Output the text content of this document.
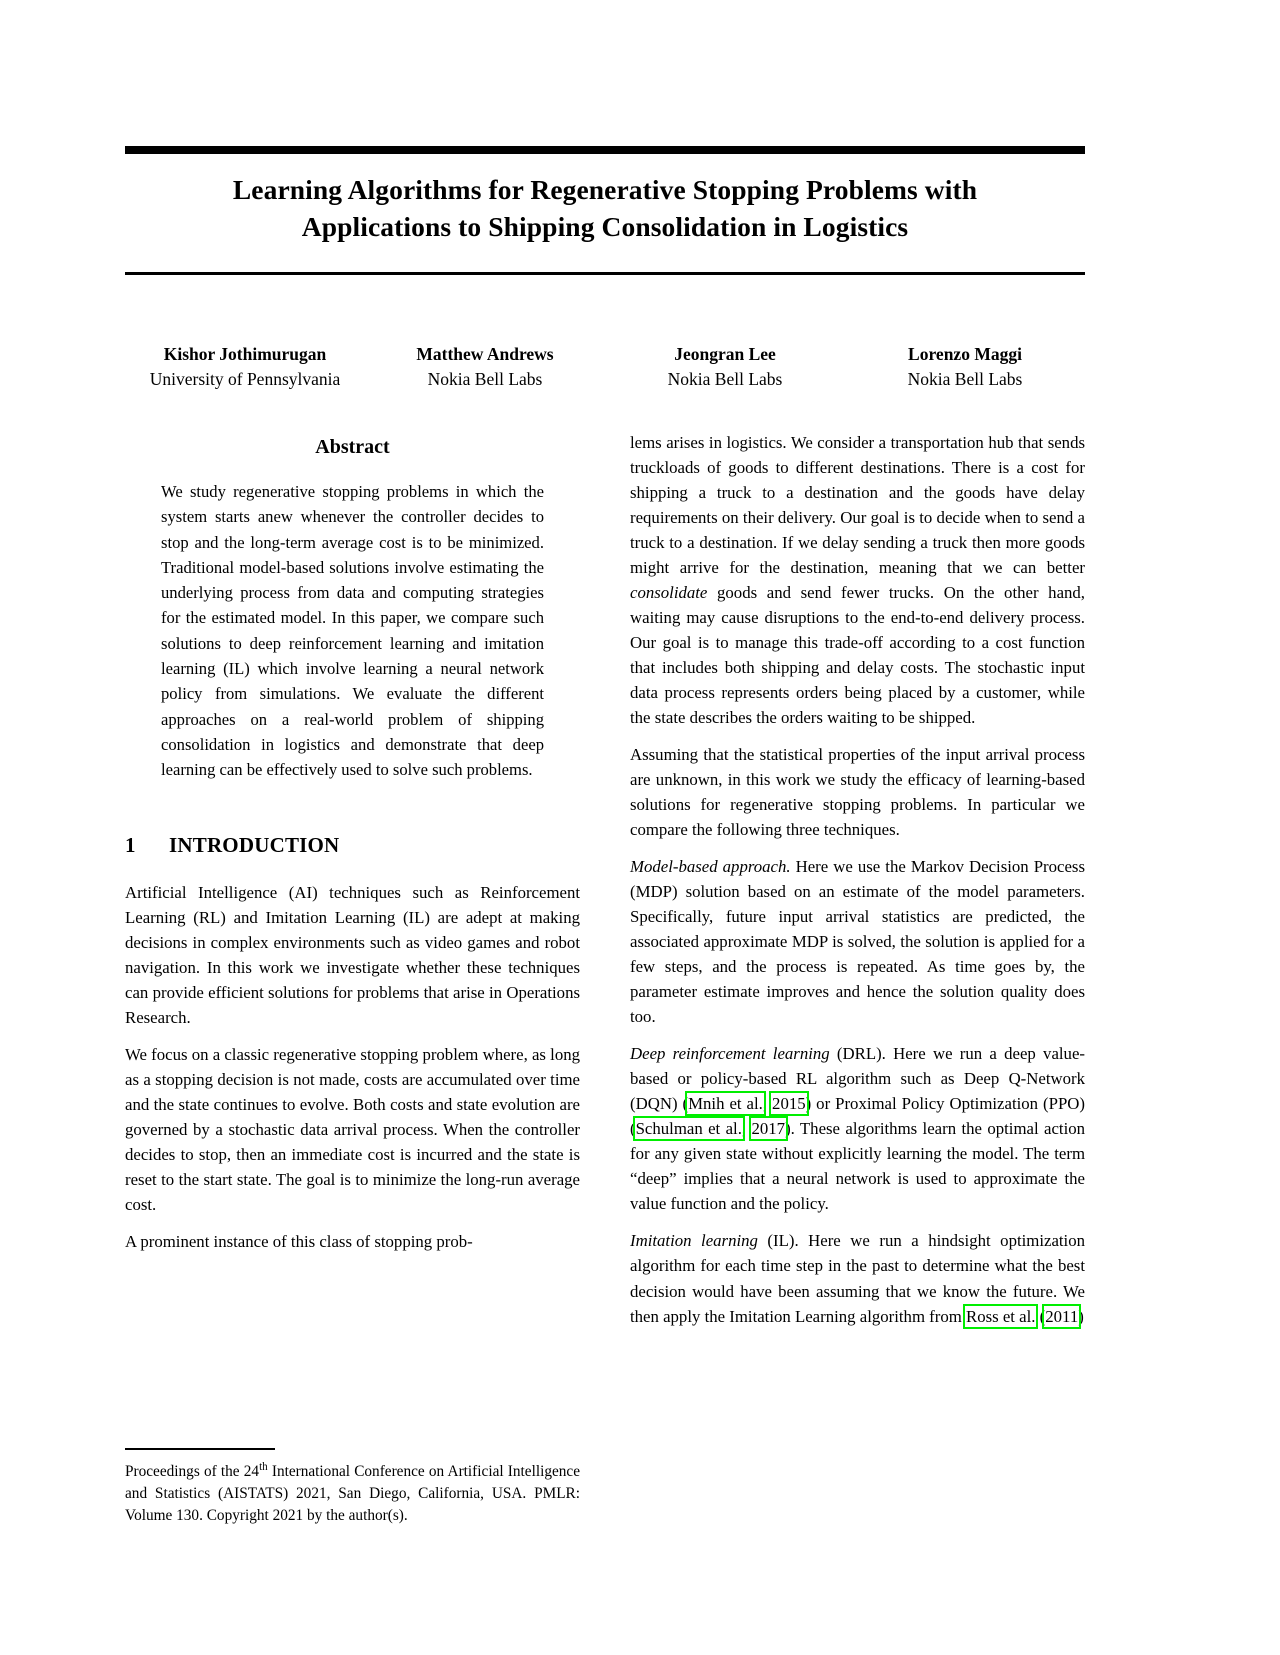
Learning Algorithms for Regenerative Stopping Problems with
Applications to Shipping Consolidation in Logistics
Kishor Jothimurugan
University of Pennsylvania
Matthew Andrews
Nokia Bell Labs
Jeongran Lee
Nokia Bell Labs
Lorenzo Maggi
Nokia Bell Labs
Abstract
We study regenerative stopping problems in which the system starts anew whenever the controller decides to stop and the long-term average cost is to be minimized. Traditional model-based solutions involve estimating the underlying process from data and computing strategies for the estimated model. In this paper, we compare such solutions to deep reinforcement learning and imitation learning (IL) which involve learning a neural network policy from simulations. We evaluate the different approaches on a real-world problem of shipping consolidation in logistics and demonstrate that deep learning can be effectively used to solve such problems.
1 INTRODUCTION

Artificial Intelligence (AI) techniques such as Reinforcement Learning (RL) and Imitation Learning (IL) are adept at making decisions in complex environments such as video games and robot navigation. In this work we investigate whether these techniques can provide efficient solutions for problems that arise in Operations Research.

We focus on a classic regenerative stopping problem where, as long as a stopping decision is not made, costs are accumulated over time and the state continues to evolve. Both costs and state evolution are governed by a stochastic data arrival process. When the controller decides to stop, then an immediate cost is incurred and the state is reset to the start state. The goal is to minimize the long-run average cost.

A prominent instance of this class of stopping prob-

lems arises in logistics. We consider a transportation hub that sends truckloads of goods to different destinations. There is a cost for shipping a truck to a destination and the goods have delay requirements on their delivery. Our goal is to decide when to send a truck to a destination. If we delay sending a truck then more goods might arrive for the destination, meaning that we can better consolidate goods and send fewer trucks. On the other hand, waiting may cause disruptions to the end-to-end delivery process. Our goal is to manage this trade-off according to a cost function that includes both shipping and delay costs. The stochastic input data process represents orders being placed by a customer, while the state describes the orders waiting to be shipped.

Assuming that the statistical properties of the input arrival process are unknown, in this work we study the efficacy of learning-based solutions for regenerative stopping problems. In particular we compare the following three techniques.

Model-based approach. Here we use the Markov Decision Process (MDP) solution based on an estimate of the model parameters. Specifically, future input arrival statistics are predicted, the associated approximate MDP is solved, the solution is applied for a few steps, and the process is repeated. As time goes by, the parameter estimate improves and hence the solution quality does too.

Deep reinforcement learning (DRL). Here we run a deep value-based or policy-based RL algorithm such as Deep Q-Network (DQN) (Mnih et al., 2015) or Proximal Policy Optimization (PPO) (Schulman et al., 2017). These algorithms learn the optimal action for any given state without explicitly learning the model. The term “deep” implies that a neural network is used to approximate the value function and the policy.

Imitation learning (IL). Here we run a hindsight optimization algorithm for each time step in the past to determine what the best decision would have been assuming that we know the future. We then apply the Imitation Learning algorithm from Ross et al. (2011)

Proceedings of the 24th International Conference on Artificial Intelligence and Statistics (AISTATS) 2021, San Diego, California, USA. PMLR: Volume 130. Copyright 2021 by the author(s).
